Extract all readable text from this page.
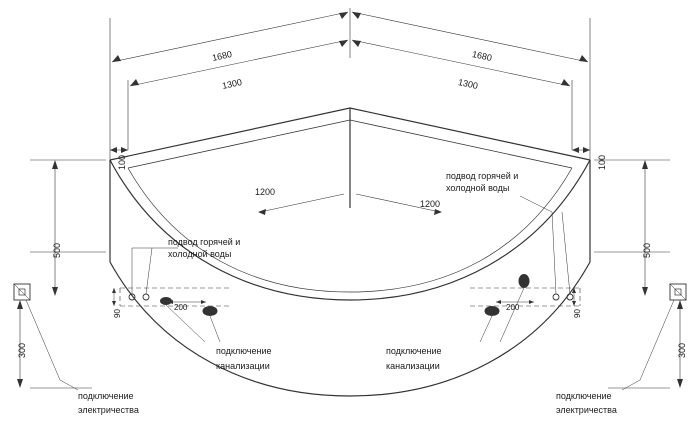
1680
1300
1680
1300
100	100
1200
1200
500	500
300	300
90	90
200	200
подвод горячей и
холодной воды
подвод горячей и
холодной воды
подключение
канализации
подключение
канализации
подключение
электричества
подключение
электричества
